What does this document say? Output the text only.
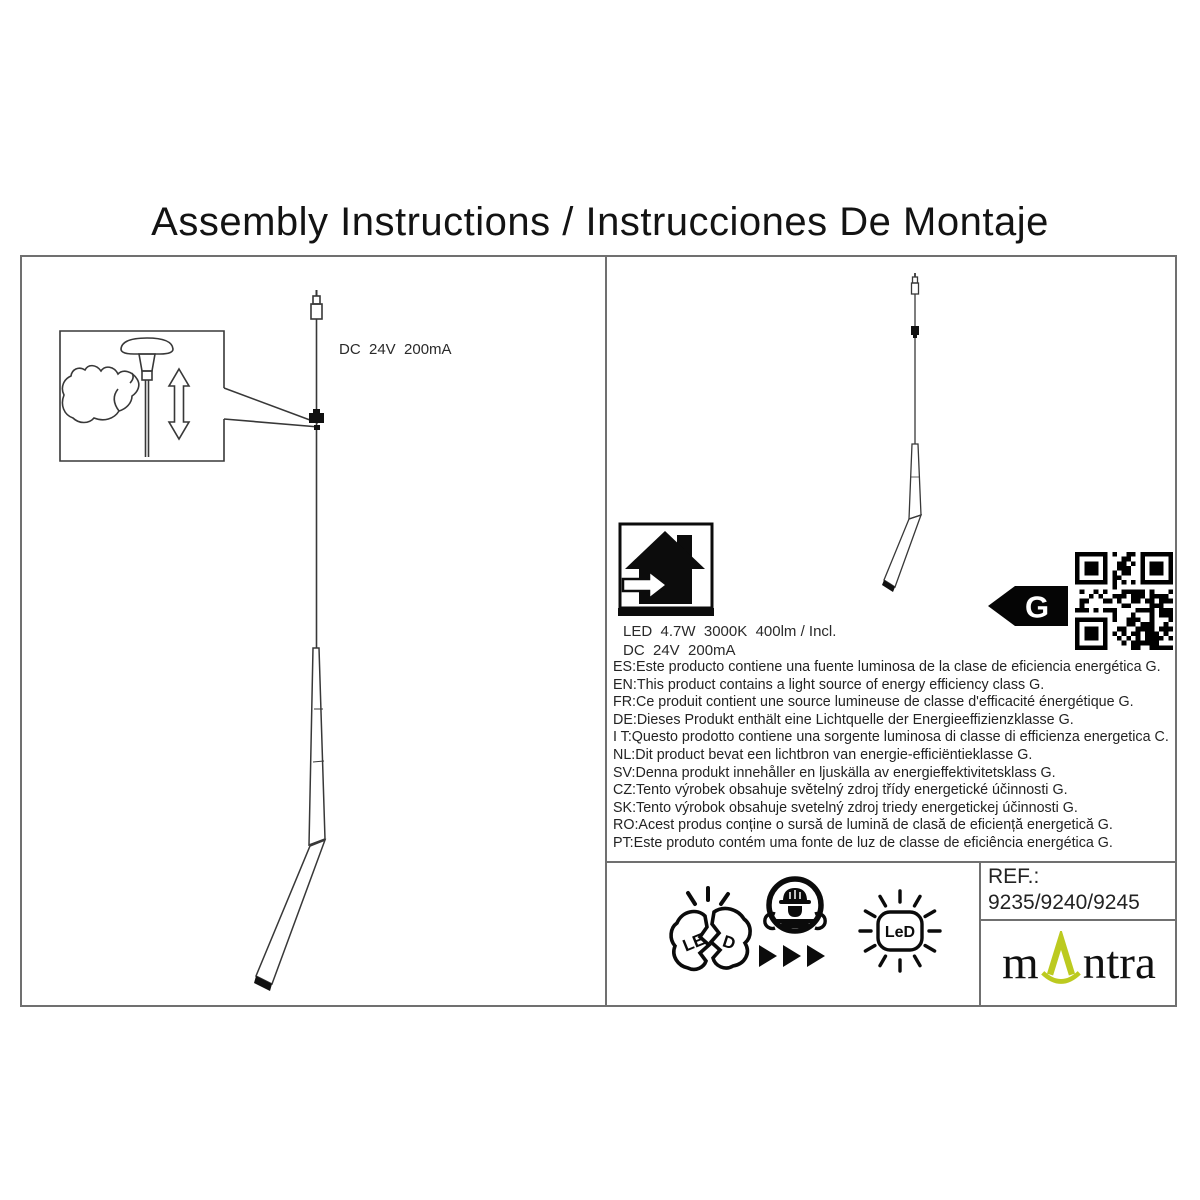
Assembly Instructions / Instrucciones De Montaje
DC  24V  200mA
LED  4.7W  3000K  400lm / Incl.
DC  24V  200mA
G
ES:Este producto contiene una fuente luminosa de la clase de eficiencia energética G.
EN:This product contains a light source of energy efficiency class G.
FR:Ce produit contient une source lumineuse de classe d'efficacité énergétique G.
DE:Dieses Produkt enthält eine Lichtquelle der Energieeffizienzklasse G.
I T:Questo prodotto contiene una sorgente luminosa di classe di efficienza energetica C.
NL:Dit product bevat een lichtbron van energie-efficiëntieklasse G.
SV:Denna produkt innehåller en ljuskälla av energieffektivitetsklass G.
CZ:Tento výrobek obsahuje světelný zdroj třídy energetické účinnosti G.
SK:Tento výrobok obsahuje svetelný zdroj triedy energetickej účinnosti G.
RO:Acest produs conține o sursă de lumină de clasă de eficiență energetică G.
PT:Este produto contém uma fonte de luz de classe de eficiência energética G.
LE D	LeD
REF.:
9235/9240/9245
m ntra
